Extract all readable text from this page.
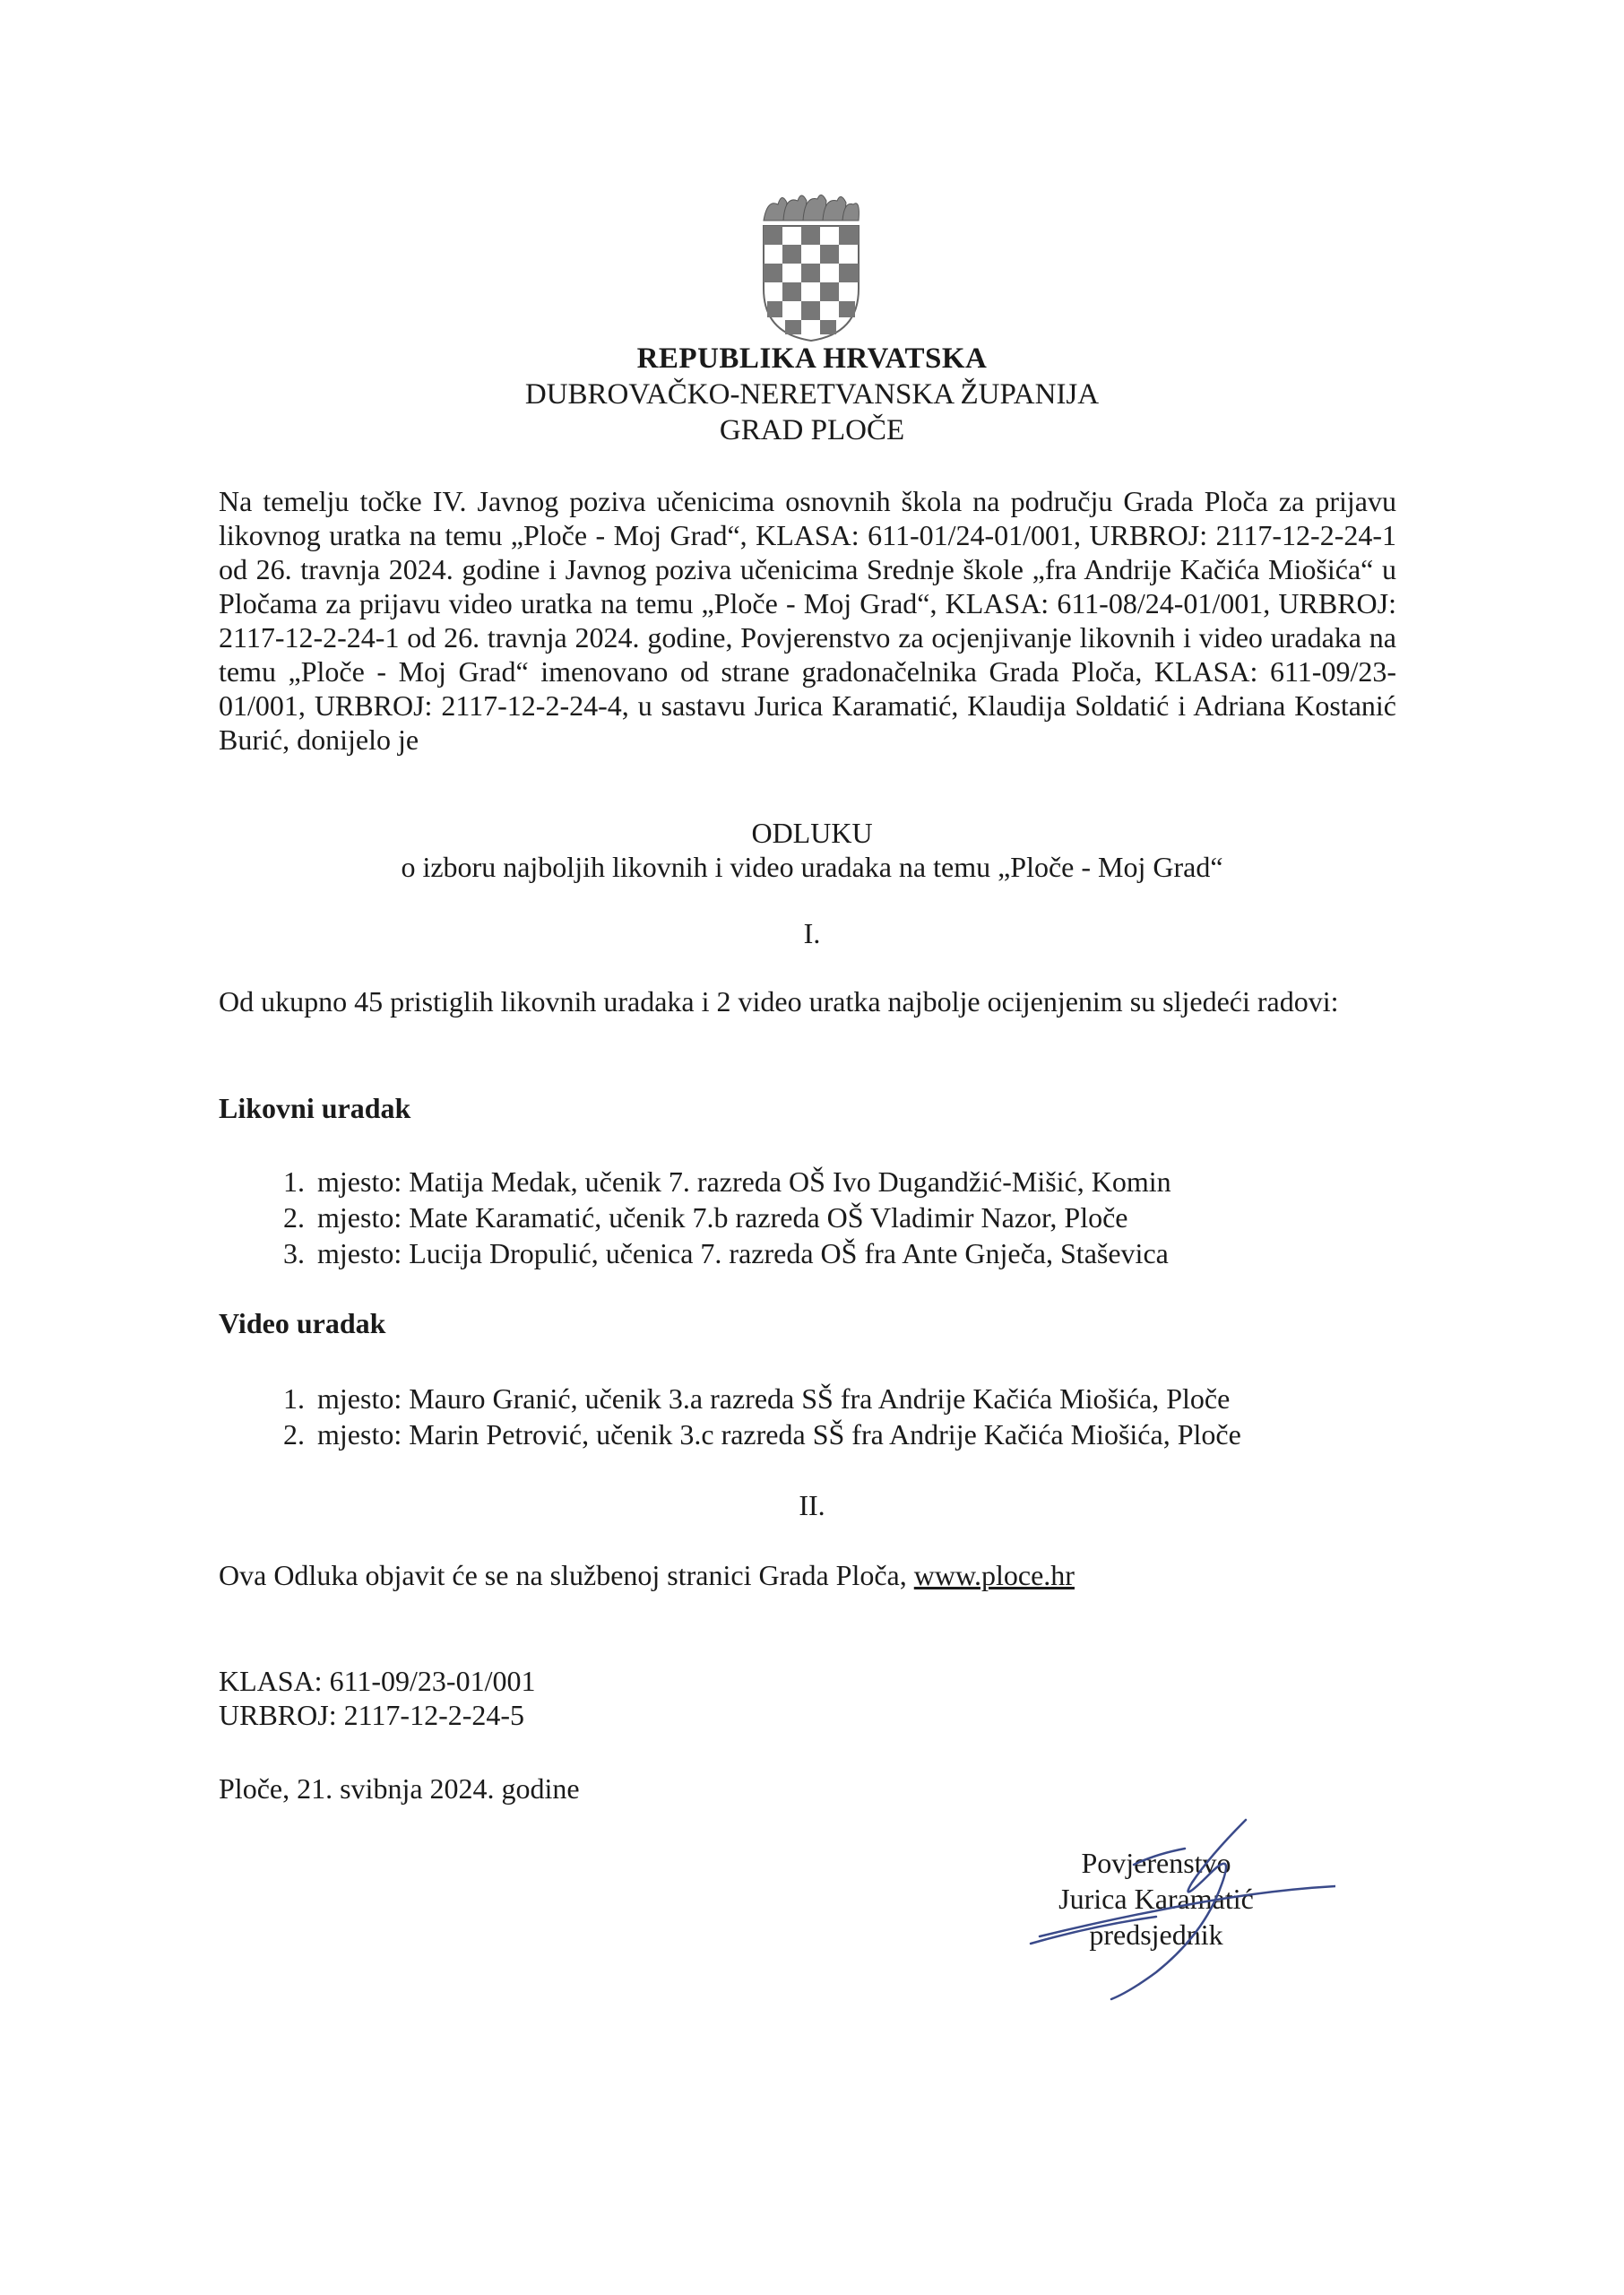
REPUBLIKA HRVATSKA
DUBROVAČKO-NERETVANSKA ŽUPANIJA
GRAD PLOČE
Na temelju točke IV. Javnog poziva učenicima osnovnih škola na području Grada Ploča za prijavu likovnog uratka na temu „Ploče - Moj Grad“, KLASA: 611-01/24-01/001, URBROJ: 2117-12-2-24-1 od 26. travnja 2024. godine i Javnog poziva učenicima Srednje škole „fra Andrije Kačića Miošića“ u Pločama za prijavu video uratka na temu „Ploče - Moj Grad“, KLASA: 611-08/24-01/001, URBROJ: 2117-12-2-24-1 od 26. travnja 2024. godine, Povjerenstvo za ocjenjivanje likovnih i video uradaka na temu „Ploče - Moj Grad“ imenovano od strane gradonačelnika Grada Ploča, KLASA: 611-09/23-01/001, URBROJ: 2117-12-2-24-4, u sastavu Jurica Karamatić, Klaudija Soldatić i Adriana Kostanić Burić, donijelo je
ODLUKU
o izboru najboljih likovnih i video uradaka na temu „Ploče - Moj Grad“
I.
Od ukupno 45 pristiglih likovnih uradaka i 2 video uratka najbolje ocijenjenim su sljedeći radovi:
Likovni uradak
1. mjesto: Matija Medak, učenik 7. razreda OŠ Ivo Dugandžić-Mišić, Komin
2. mjesto: Mate Karamatić, učenik 7.b razreda OŠ Vladimir Nazor, Ploče
3. mjesto: Lucija Dropulić, učenica 7. razreda OŠ fra Ante Gnječa, Staševica
Video uradak
1. mjesto: Mauro Granić, učenik 3.a razreda SŠ fra Andrije Kačića Miošića, Ploče
2. mjesto: Marin Petrović, učenik 3.c razreda SŠ fra Andrije Kačića Miošića, Ploče
II.
Ova Odluka objavit će se na službenoj stranici Grada Ploča, www.ploce.hr
KLASA: 611-09/23-01/001
URBROJ: 2117-12-2-24-5
Ploče, 21. svibnja 2024. godine
Povjerenstvo
Jurica Karamatić
predsjednik
